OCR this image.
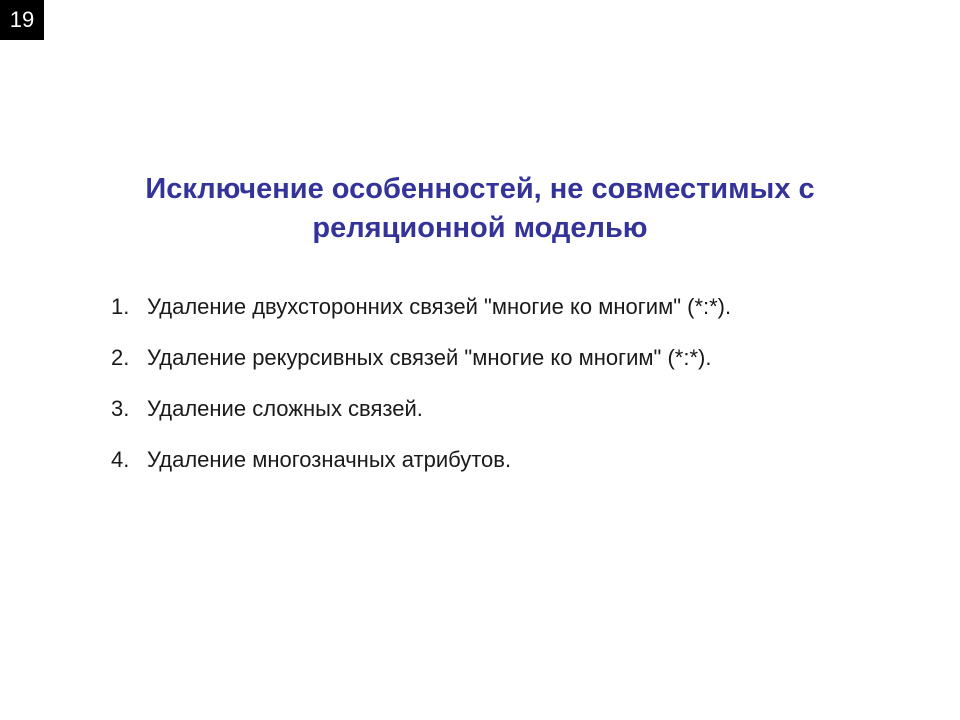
19
Исключение особенностей, не совместимых с
реляционной моделью
1. Удаление двухсторонних связей "многие ко многим" (*:*).
2. Удаление рекурсивных связей "многие ко многим" (*:*).
3. Удаление сложных связей.
4. Удаление многозначных атрибутов.
